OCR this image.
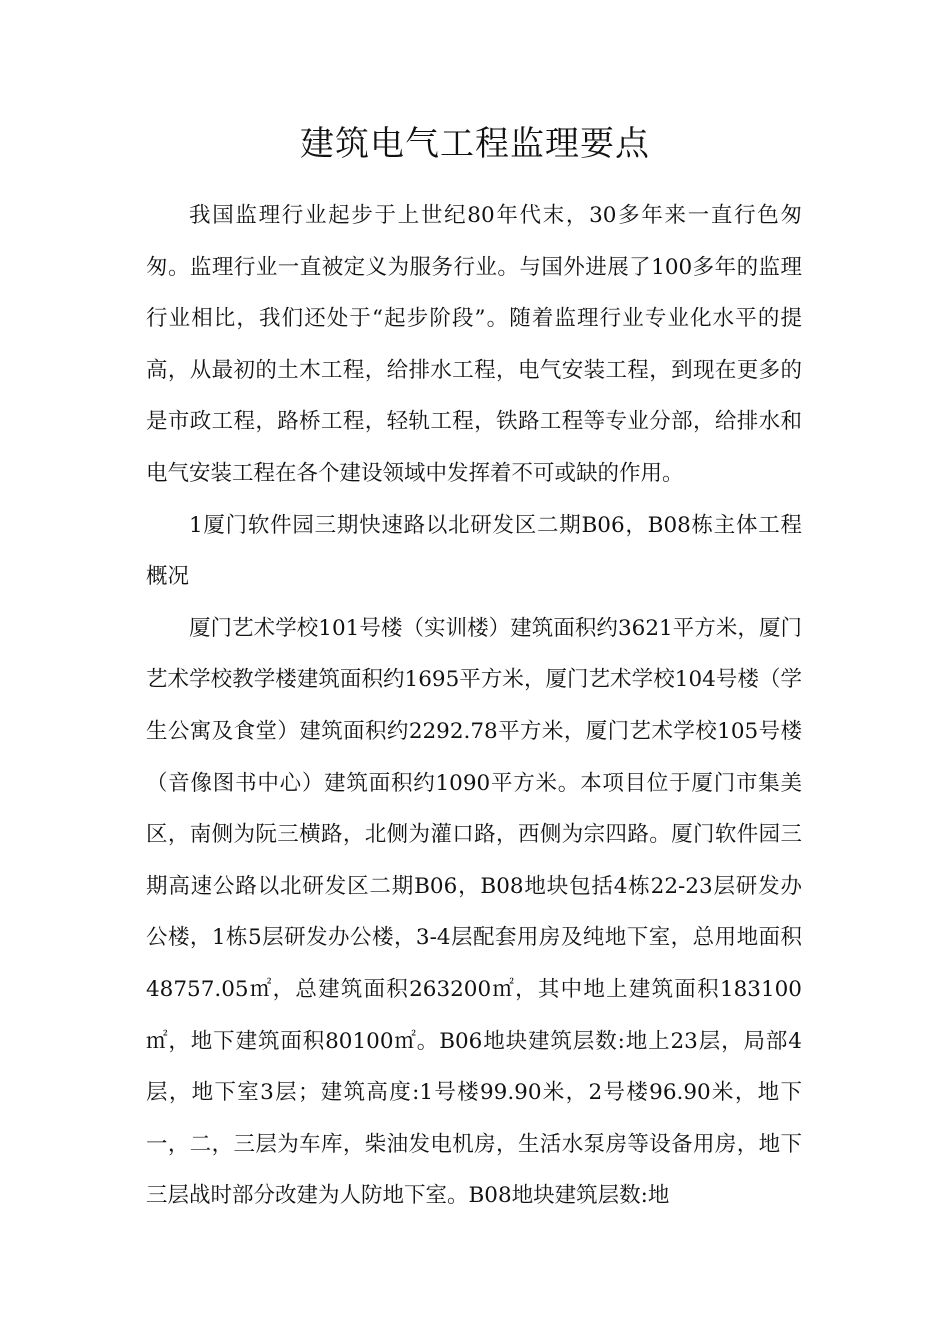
建筑电气工程监理要点

我国监理行业起步于上世纪80年代末，30多年来一直行色匆匆。监理行业一直被定义为服务行业。与国外进展了100多年的监理行业相比，我们还处于“起步阶段”。随着监理行业专业化水平的提高，从最初的土木工程，给排水工程，电气安装工程，到现在更多的是市政工程，路桥工程，轻轨工程，铁路工程等专业分部，给排水和电气安装工程在各个建设领域中发挥着不可或缺的作用。

1厦门软件园三期快速路以北研发区二期B06，B08栋主体工程概况

厦门艺术学校101号楼（实训楼）建筑面积约3621平方米，厦门艺术学校教学楼建筑面积约1695平方米，厦门艺术学校104号楼（学生公寓及食堂）建筑面积约2292.78平方米，厦门艺术学校105号楼（音像图书中心）建筑面积约1090平方米。本项目位于厦门市集美区，南侧为阮三横路，北侧为灌口路，西侧为宗四路。厦门软件园三期高速公路以北研发区二期B06，B08地块包括4栋22-23层研发办公楼，1栋5层研发办公楼，3-4层配套用房及纯地下室，总用地面积48757.05㎡，总建筑面积263200㎡，其中地上建筑面积183100㎡，地下建筑面积80100㎡。B06地块建筑层数:地上23层，局部4层，地下室3层；建筑高度:1号楼99.90米，2号楼96.90米，地下一，二，三层为车库，柴油发电机房，生活水泵房等设备用房，地下三层战时部分改建为人防地下室。B08地块建筑层数:地
